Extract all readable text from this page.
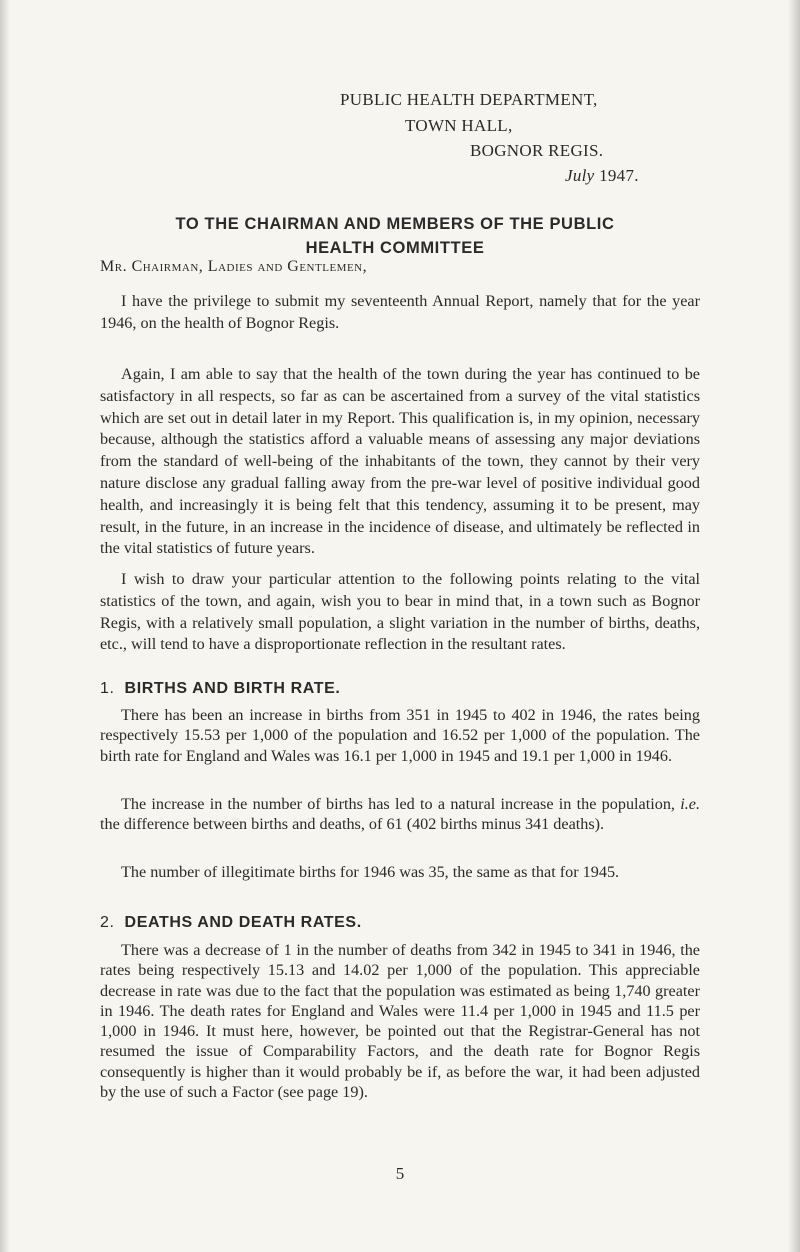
PUBLIC HEALTH DEPARTMENT,
TOWN HALL,
BOGNOR REGIS.
July 1947.
TO THE CHAIRMAN AND MEMBERS OF THE PUBLIC
HEALTH COMMITTEE
Mr. Chairman, Ladies and Gentlemen,

I have the privilege to submit my seventeenth Annual Report, namely that for the year 1946, on the health of Bognor Regis.

Again, I am able to say that the health of the town during the year has continued to be satisfactory in all respects, so far as can be ascertained from a survey of the vital statistics which are set out in detail later in my Report. This qualification is, in my opinion, necessary because, although the statistics afford a valuable means of assessing any major deviations from the standard of well-being of the inhabitants of the town, they cannot by their very nature disclose any gradual falling away from the pre-war level of positive individual good health, and increasingly it is being felt that this tendency, assuming it to be present, may result, in the future, in an increase in the incidence of disease, and ultimately be reflected in the vital statistics of future years.

I wish to draw your particular attention to the following points relating to the vital statistics of the town, and again, wish you to bear in mind that, in a town such as Bognor Regis, with a relatively small population, a slight variation in the number of births, deaths, etc., will tend to have a disproportionate reflection in the resultant rates.

1. BIRTHS AND BIRTH RATE.

There has been an increase in births from 351 in 1945 to 402 in 1946, the rates being respectively 15.53 per 1,000 of the population and 16.52 per 1,000 of the population. The birth rate for England and Wales was 16.1 per 1,000 in 1945 and 19.1 per 1,000 in 1946.

The increase in the number of births has led to a natural increase in the population, i.e. the difference between births and deaths, of 61 (402 births minus 341 deaths).

The number of illegitimate births for 1946 was 35, the same as that for 1945.

2. DEATHS AND DEATH RATES.

There was a decrease of 1 in the number of deaths from 342 in 1945 to 341 in 1946, the rates being respectively 15.13 and 14.02 per 1,000 of the population. This appreciable decrease in rate was due to the fact that the population was estimated as being 1,740 greater in 1946. The death rates for England and Wales were 11.4 per 1,000 in 1945 and 11.5 per 1,000 in 1946. It must here, however, be pointed out that the Registrar-General has not resumed the issue of Comparability Factors, and the death rate for Bognor Regis consequently is higher than it would probably be if, as before the war, it had been adjusted by the use of such a Factor (see page 19).

5
